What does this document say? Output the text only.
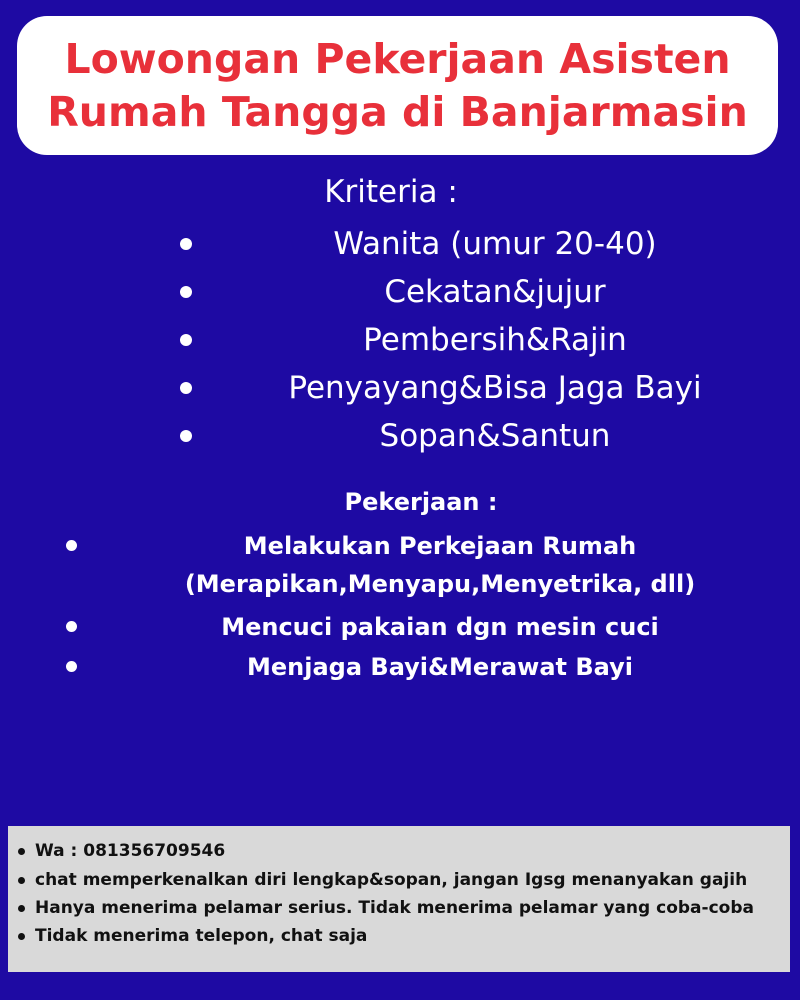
Lowongan Pekerjaan Asisten
Rumah Tangga di Banjarmasin
Kriteria :
Wanita (umur 20-40)
Cekatan&jujur
Pembersih&Rajin
Penyayang&Bisa Jaga Bayi
Sopan&Santun
Pekerjaan :
Melakukan Perkejaan Rumah
(Merapikan,Menyapu,Menyetrika, dll)
Mencuci pakaian dgn mesin cuci
Menjaga Bayi&Merawat Bayi
Wa : 081356709546
chat memperkenalkan diri lengkap&sopan, jangan Igsg menanyakan gajih
Hanya menerima pelamar serius. Tidak menerima pelamar yang coba-coba
Tidak menerima telepon, chat saja
